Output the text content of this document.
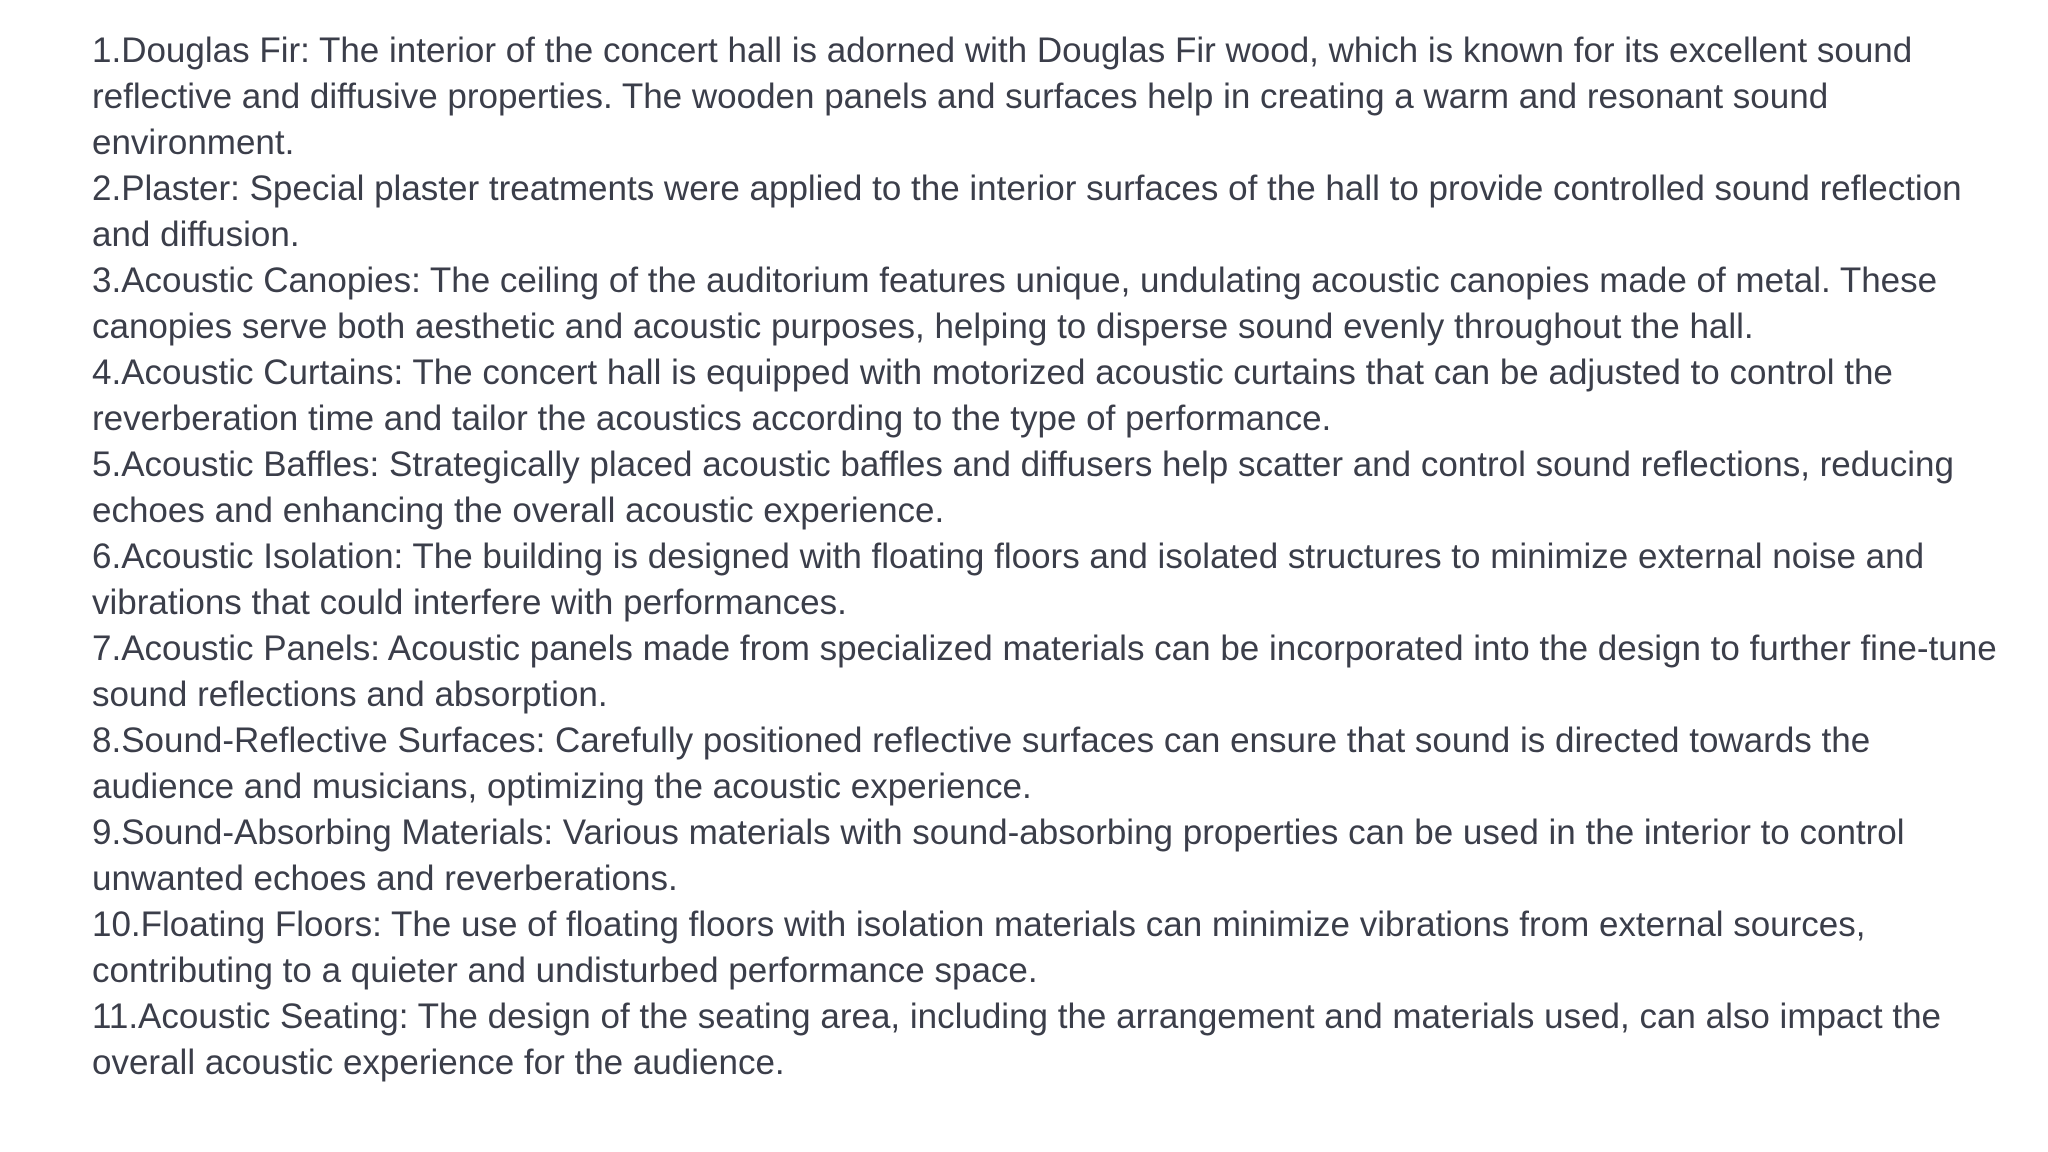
1.Douglas Fir: The interior of the concert hall is adorned with Douglas Fir wood, which is known for its excellent sound reflective and diffusive properties. The wooden panels and surfaces help in creating a warm and resonant sound environment.

2.Plaster: Special plaster treatments were applied to the interior surfaces of the hall to provide controlled sound reflection and diffusion.

3.Acoustic Canopies: The ceiling of the auditorium features unique, undulating acoustic canopies made of metal. These canopies serve both aesthetic and acoustic purposes, helping to disperse sound evenly throughout the hall.

4.Acoustic Curtains: The concert hall is equipped with motorized acoustic curtains that can be adjusted to control the reverberation time and tailor the acoustics according to the type of performance.

5.Acoustic Baffles: Strategically placed acoustic baffles and diffusers help scatter and control sound reflections, reducing echoes and enhancing the overall acoustic experience.

6.Acoustic Isolation: The building is designed with floating floors and isolated structures to minimize external noise and vibrations that could interfere with performances.

7.Acoustic Panels: Acoustic panels made from specialized materials can be incorporated into the design to further fine-tune sound reflections and absorption.

8.Sound-Reflective Surfaces: Carefully positioned reflective surfaces can ensure that sound is directed towards the audience and musicians, optimizing the acoustic experience.

9.Sound-Absorbing Materials: Various materials with sound-absorbing properties can be used in the interior to control unwanted echoes and reverberations.

10.Floating Floors: The use of floating floors with isolation materials can minimize vibrations from external sources, contributing to a quieter and undisturbed performance space.

11.Acoustic Seating: The design of the seating area, including the arrangement and materials used, can also impact the overall acoustic experience for the audience.
